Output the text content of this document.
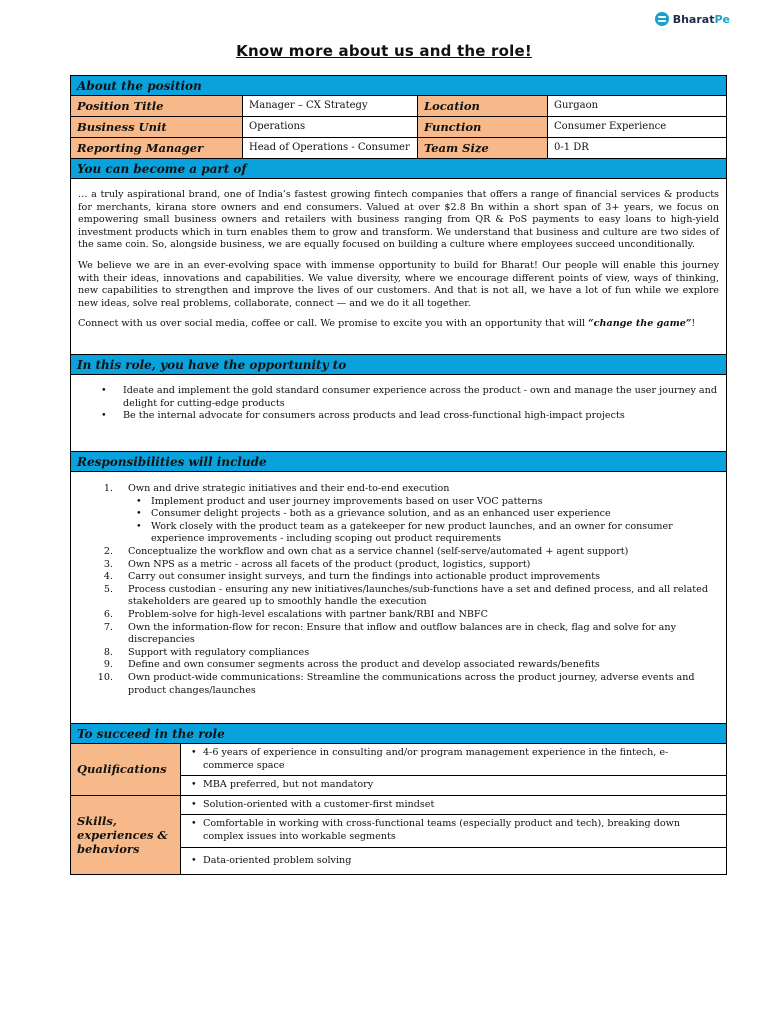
BharatPe
Know more about us and the role!
About the position
Position Title	Manager – CX Strategy	Location	Gurgaon
Business Unit	Operations	Function	Consumer Experience
Reporting Manager	Head of Operations - Consumer	Team Size	0-1 DR
You can become a part of

… a truly aspirational brand, one of India’s fastest growing fintech companies that offers a range of financial services & products for merchants, kirana store owners and end consumers. Valued at over $2.8 Bn within a short span of 3+ years, we focus on empowering small business owners and retailers with business ranging from QR & PoS payments to easy loans to high-yield investment products which in turn enables them to grow and transform. We understand that business and culture are two sides of the same coin. So, alongside business, we are equally focused on building a culture where employees succeed unconditionally.

We believe we are in an ever-evolving space with immense opportunity to build for Bharat! Our people will enable this journey with their ideas, innovations and capabilities. We value diversity, where we encourage different points of view, ways of thinking, new capabilities to strengthen and improve the lives of our customers. And that is not all, we have a lot of fun while we explore new ideas, solve real problems, collaborate, connect — and we do it all together.

Connect with us over social media, coffee or call. We promise to excite you with an opportunity that will “change the game”!

In this role, you have the opportunity to
• Ideate and implement the gold standard consumer experience across the product - own and manage the user journey and delight for cutting-edge products
• Be the internal advocate for consumers across products and lead cross-functional high-impact projects
Responsibilities will include
1.	Own and drive strategic initiatives and their end-to-end execution
• Implement product and user journey improvements based on user VOC patterns
• Consumer delight projects - both as a grievance solution, and as an enhanced user experience
• Work closely with the product team as a gatekeeper for new product launches, and an owner for consumer experience improvements - including scoping out product requirements
2.	Conceptualize the workflow and own chat as a service channel (self-serve/automated + agent support)
3.	Own NPS as a metric - across all facets of the product (product, logistics, support)
4.	Carry out consumer insight surveys, and turn the findings into actionable product improvements
5.	Process custodian - ensuring any new initiatives/launches/sub-functions have a set and defined process, and all related stakeholders are geared up to smoothly handle the execution
6.	Problem-solve for high-level escalations with partner bank/RBI and NBFC
7.	Own the information-flow for recon: Ensure that inflow and outflow balances are in check, flag and solve for any discrepancies
8.	Support with regulatory compliances
9.	Define and own consumer segments across the product and develop associated rewards/benefits
10.	Own product-wide communications: Streamline the communications across the product journey, adverse events and product changes/launches
To succeed in the role
Qualifications
• 4-6 years of experience in consulting and/or program management experience in the fintech, e-commerce space
• MBA preferred, but not mandatory
Skills, experiences & behaviors
• Solution-oriented with a customer-first mindset
• Comfortable in working with cross-functional teams (especially product and tech), breaking down complex issues into workable segments
• Data-oriented problem solving
